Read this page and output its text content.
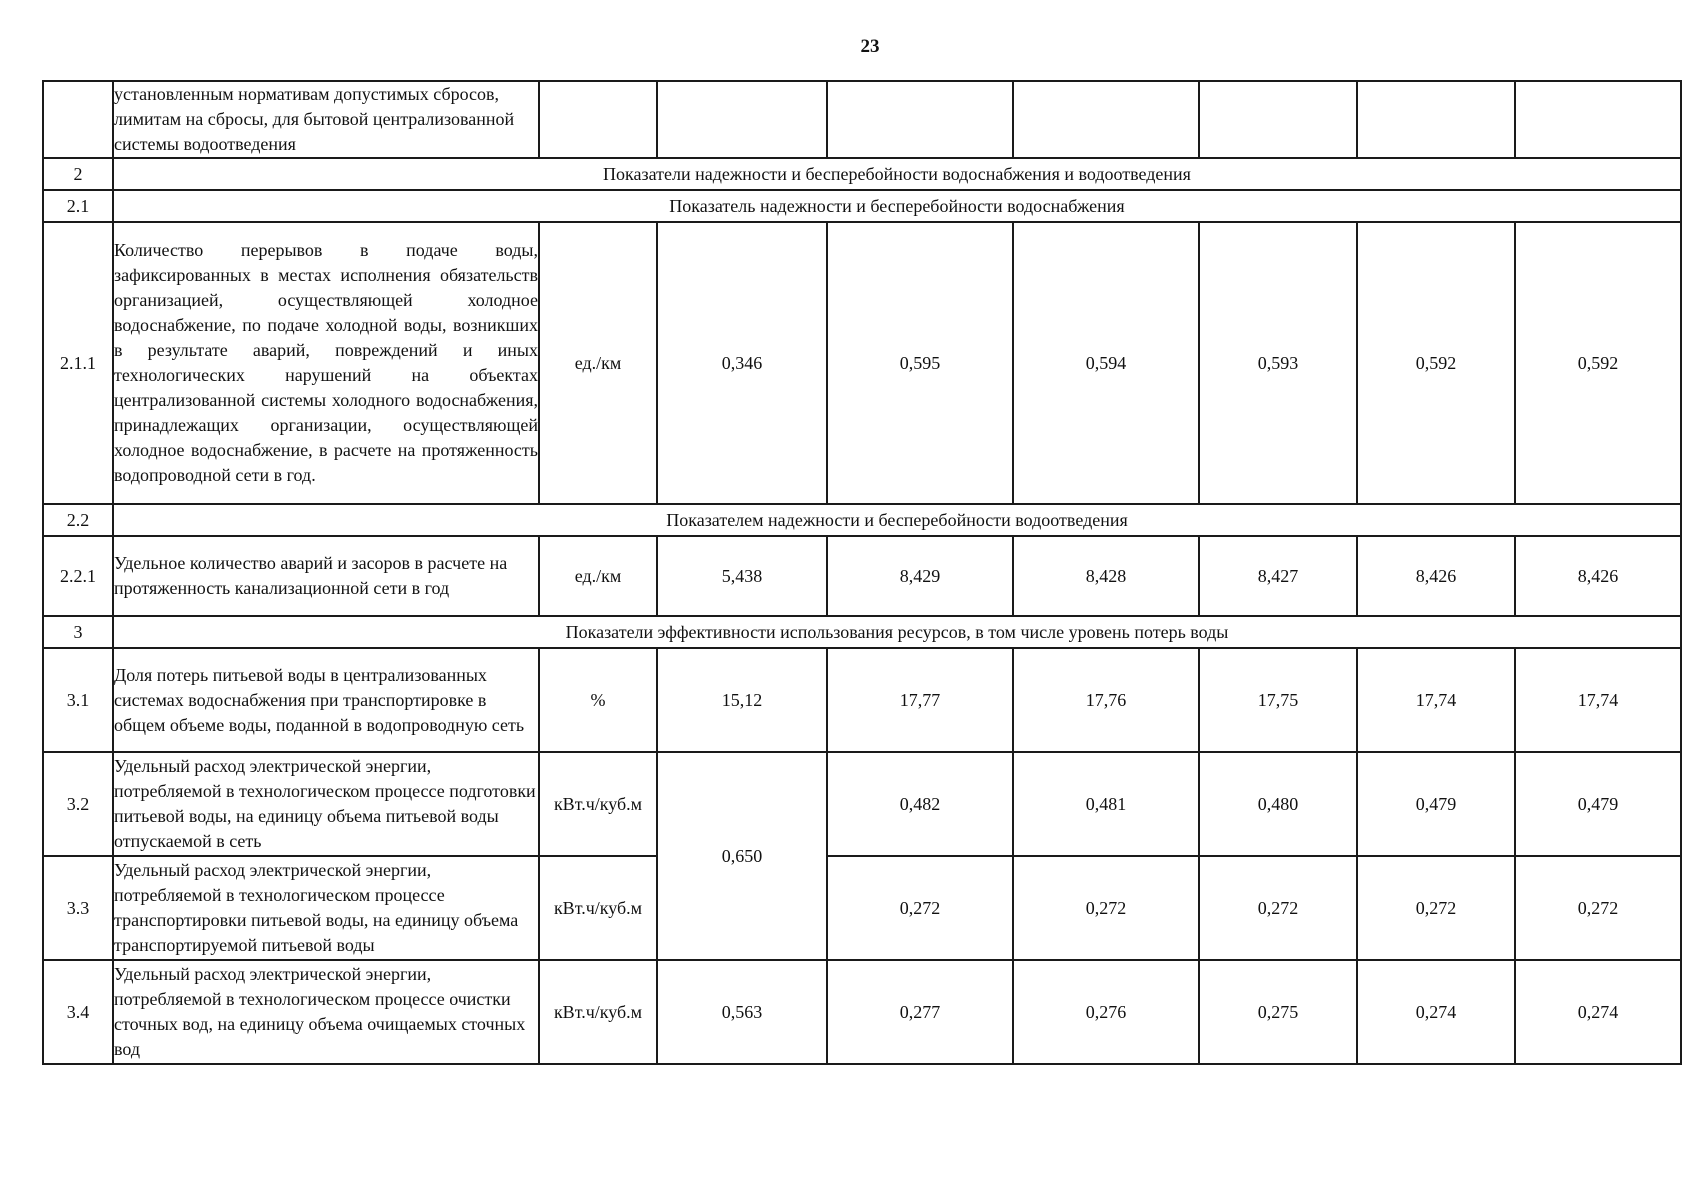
23
	установленным нормативам допустимых сбросов, лимитам на сбросы, для бытовой централизованной системы водоотведения							
2	Показатели надежности и бесперебойности водоснабжения и водоотведения							
2.1	Показатель надежности и бесперебойности водоснабжения							
2.1.1	Количество перерывов в подаче воды, зафиксированных в местах исполнения обязательств организацией, осуществляющей холодное водоснабжение, по подаче холодной воды, возникших в результате аварий, повреждений и иных технологических нарушений на объектах централизованной системы холодного водоснабжения, принадлежащих организации, осуществляющей холодное водоснабжение, в расчете на протяженность водопроводной сети в год.	ед./км	0,346	0,595	0,594	0,593	0,592	0,592
2.2	Показателем надежности и бесперебойности водоотведения							
2.2.1	Удельное количество аварий и засоров в расчете на протяженность канализационной сети в год	ед./км	5,438	8,429	8,428	8,427	8,426	8,426
3	Показатели эффективности использования ресурсов, в том числе уровень потерь воды							
3.1	Доля потерь питьевой воды в централизованных системах водоснабжения при транспортировке в общем объеме воды, поданной в водопроводную сеть	%	15,12	17,77	17,76	17,75	17,74	17,74
3.2	Удельный расход электрической энергии, потребляемой в технологическом процессе подготовки питьевой воды, на единицу объема питьевой воды отпускаемой в сеть	кВт.ч/куб.м	0,650	0,482	0,481	0,480	0,479	0,479
3.3	Удельный расход электрической энергии, потребляемой в технологическом процессе транспортировки питьевой воды, на единицу объема транспортируемой питьевой воды	кВт.ч/куб.м		0,272	0,272	0,272	0,272	0,272
3.4	Удельный расход электрической энергии, потребляемой в технологическом процессе очистки сточных вод, на единицу объема очищаемых сточных вод	кВт.ч/куб.м	0,563	0,277	0,276	0,275	0,274	0,274
